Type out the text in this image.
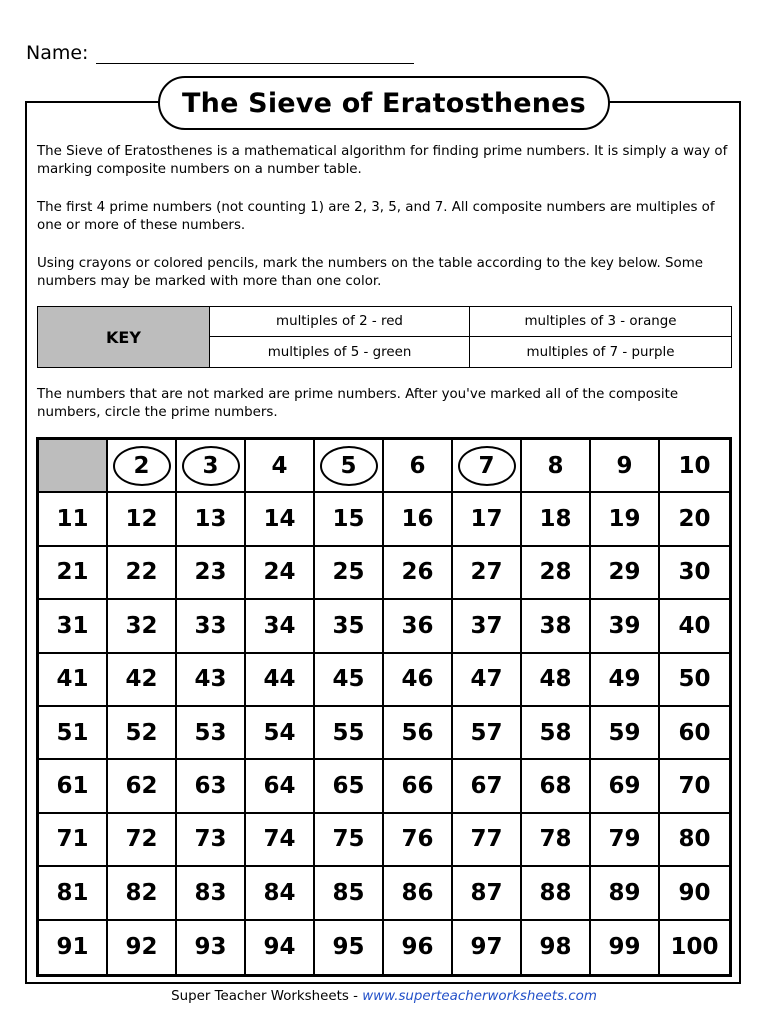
Name:
The Sieve of Eratosthenes

The Sieve of Eratosthenes is a mathematical algorithm for finding prime numbers. It is simply a way of marking composite numbers on a number table.

The first 4 prime numbers (not counting 1) are 2, 3, 5, and 7. All composite numbers are multiples of one or more of these numbers.

Using crayons or colored pencils, mark the numbers on the table according to the key below. Some numbers may be marked with more than one color.

KEY
multiples of 2 - red	multiples of 3 - orange
multiples of 5 - green	multiples of 7 - purple

The numbers that are not marked are prime numbers. After you've marked all of the composite numbers, circle the prime numbers.

2 3 4 5 6 7 8 9 10
11 12 13 14 15 16 17 18 19 20
21 22 23 24 25 26 27 28 29 30
31 32 33 34 35 36 37 38 39 40
41 42 43 44 45 46 47 48 49 50
51 52 53 54 55 56 57 58 59 60
61 62 63 64 65 66 67 68 69 70
71 72 73 74 75 76 77 78 79 80
81 82 83 84 85 86 87 88 89 90
91 92 93 94 95 96 97 98 99 100
Super Teacher Worksheets - www.superteacherworksheets.com
